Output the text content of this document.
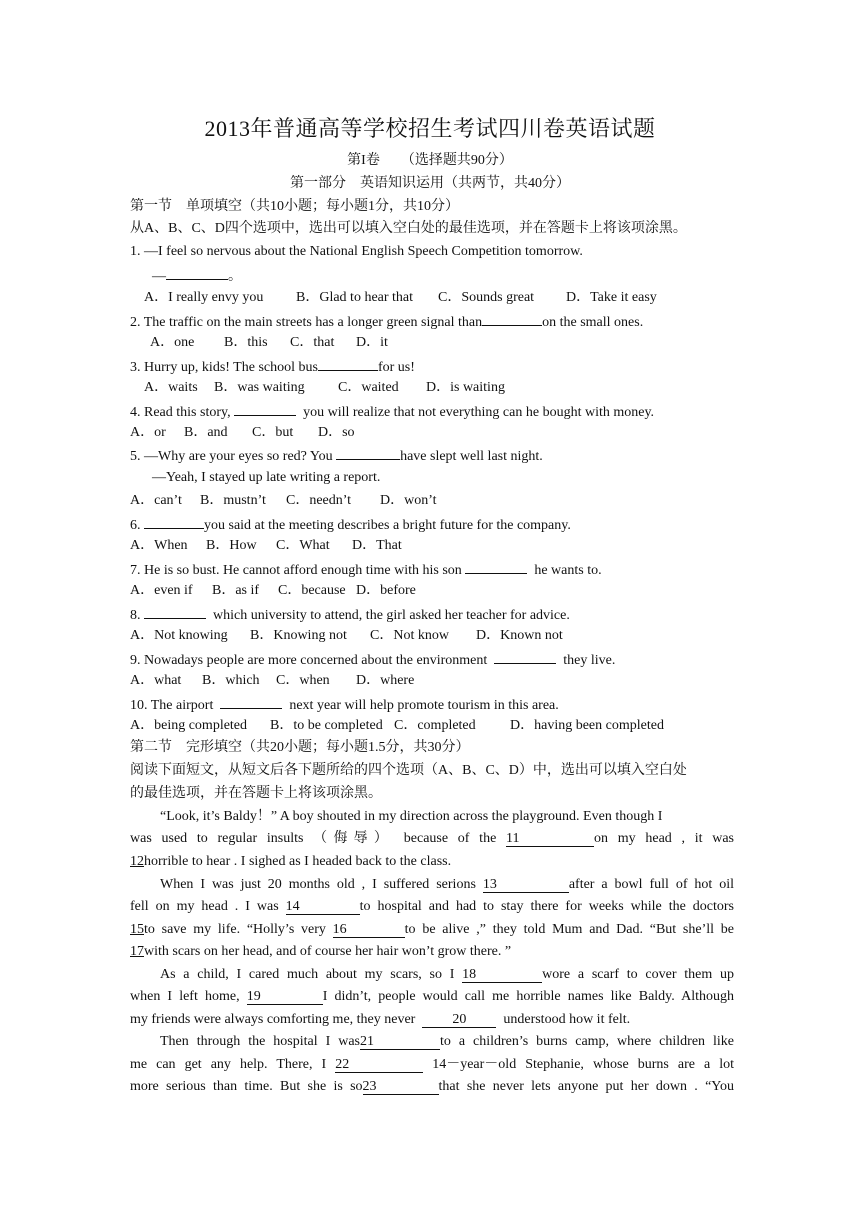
2013年普通高等学校招生考试四川卷英语试题
第I卷　　（选择题共90分）
第一部分　英语知识运用（共两节，共40分）
第一节　单项填空（共10小题；每小题1分，共10分）
从A、B、C、D四个选项中，选出可以填入空白处的最佳选项，并在答题卡上将该项涂黑。
1. —I feel so nervous about the National English Speech Competition tomorrow.
—	。
A．I really envy you B．Glad to hear that C．Sounds great D．Take it easy
2. The traffic on the main streets has a longer green signal than	on the small ones.
A．one B．this C．that D．it
3. Hurry up, kids! The school bus	for us!
A．waits B．was waiting C．waited D．is waiting
4. Read this story,	you will realize that not everything can he bought with money.
A．or B．and C．but D．so
5. —Why are your eyes so red? You	have slept well last night.
—Yeah, I stayed up late writing a report.
A．can’t B．mustn’t C．needn’t D．won’t
6.	you said at the meeting describes a bright future for the company.
A．When B．How C．What D．That
7. He is so bust. He cannot afford enough time with his son	he wants to.
A．even if B．as if C．because D．before
8.	which university to attend, the girl asked her teacher for advice.
A．Not knowing B．Knowing not C．Not know D．Known not
9. Nowadays people are more concerned about the environment	they live.
A．what B．which C．when D．where
10. The airport	next year will help promote tourism in this area.
A．being completed B．to be completed C．completed D．having been completed
第二节　完形填空（共20小题；每小题1.5分，共30分）
阅读下面短文，从短文后各下题所给的四个选项（A、B、C、D）中，选出可以填入空白处
的最佳选项，并在答题卡上将该项涂黑。
“Look, it’s Baldy！” A boy shouted in my direction across the playground. Even though I
was used to regular insults （侮辱） because of the 11	on my head , it was
12horrible to hear . I sighed as I headed back to the class.
When I was just 20 months old , I suffered serions 13	after a bowl full of hot oil
fell on my head . I was 14	to hospital and had to stay there for weeks while the doctors
15to save my life. “Holly’s very 16	to be alive ,” they told Mum and Dad. “But she’ll be
17with scars on her head, and of course her hair won’t grow there. ”
As a child, I cared much about my scars, so I 18	wore a scarf to cover them up
when I left home, 19	I didn’t, people would call me horrible names like Baldy. Although
my friends were always comforting me, they never	20	understood how it felt.
Then through the hospital I was21	to a children’s burns camp, where children like
me can get any help. There, I 22	14－year－old Stephanie, whose burns are a lot
more serious than time. But she is so23	that she never lets anyone put her down . “You
